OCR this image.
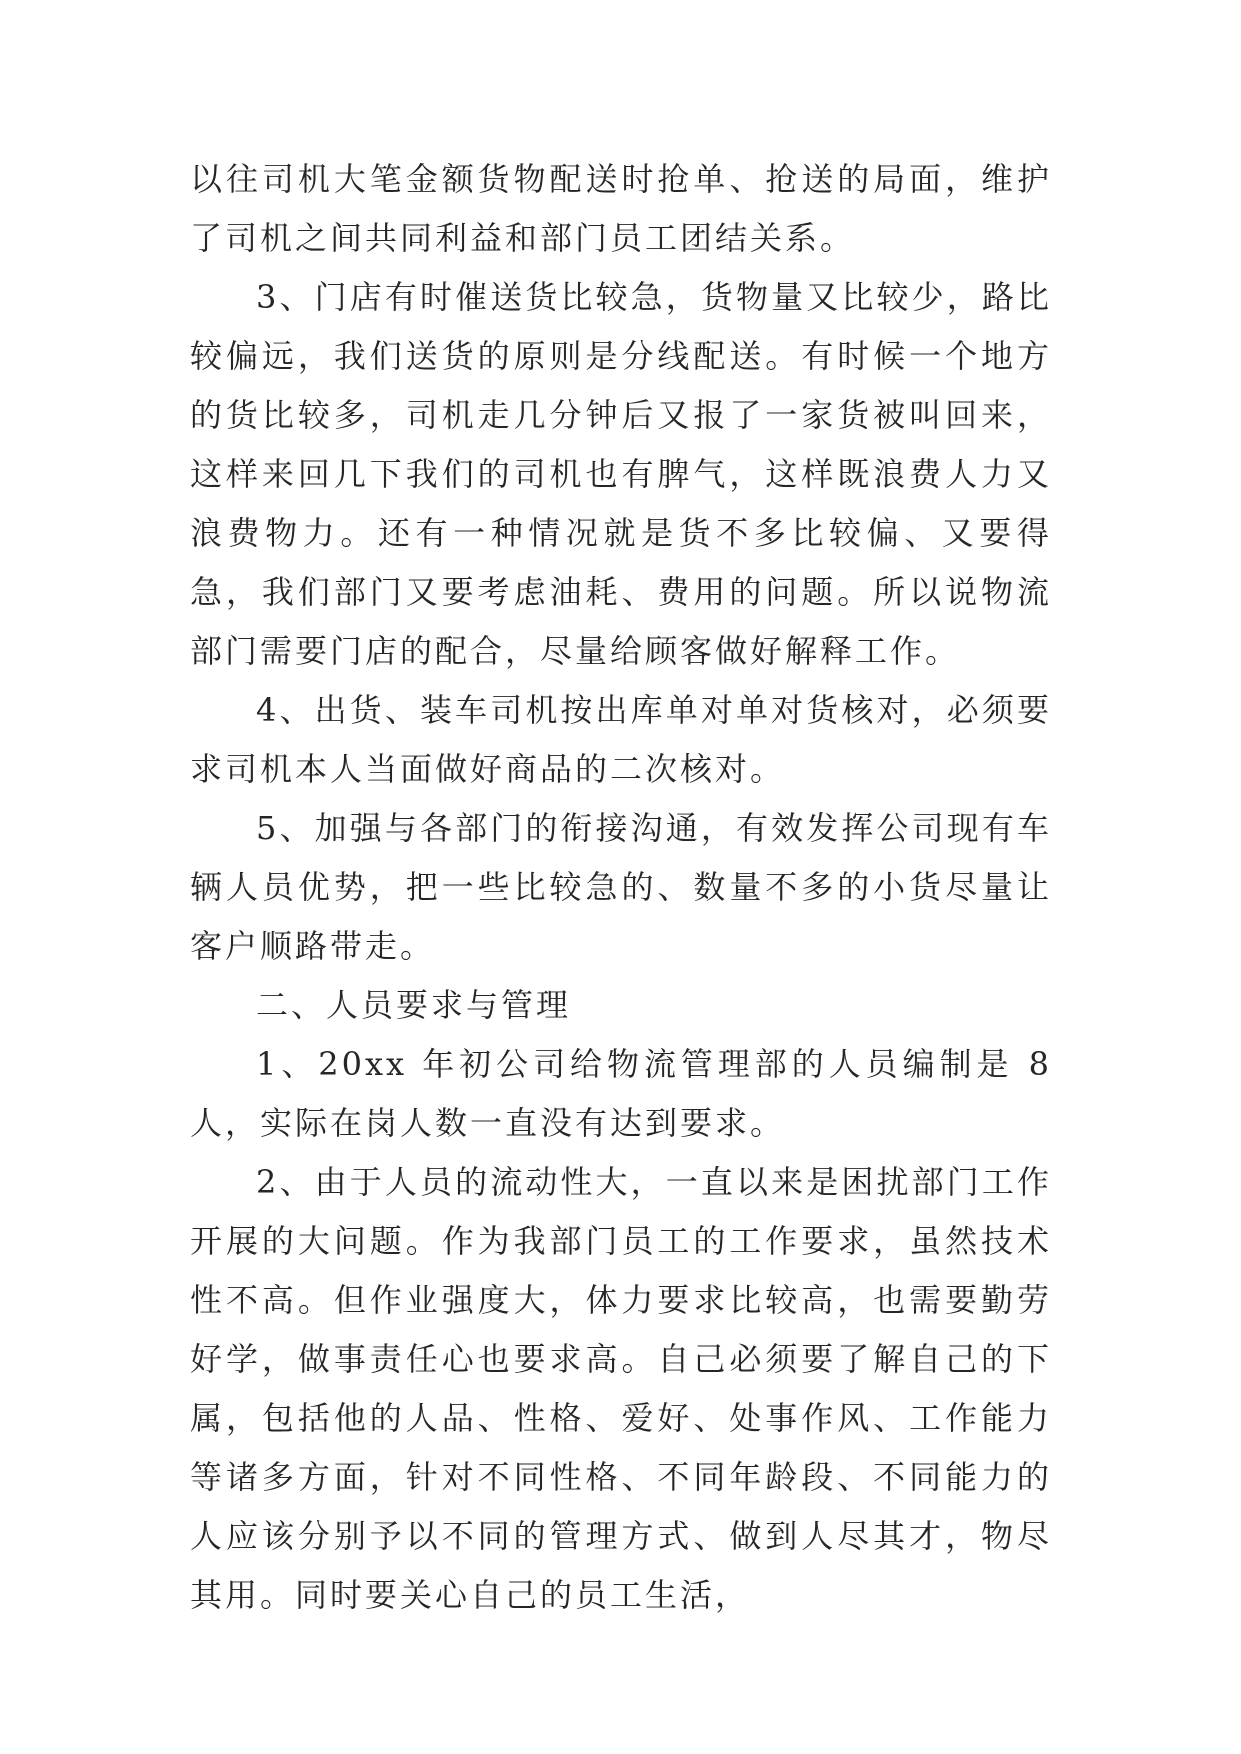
以往司机大笔金额货物配送时抢单、抢送的局面，维护了司机之间共同利益和部门员工团结关系。

3、门店有时催送货比较急，货物量又比较少，路比较偏远，我们送货的原则是分线配送。有时候一个地方的货比较多，司机走几分钟后又报了一家货被叫回来，这样来回几下我们的司机也有脾气，这样既浪费人力又浪费物力。还有一种情况就是货不多比较偏、又要得急，我们部门又要考虑油耗、费用的问题。所以说物流部门需要门店的配合，尽量给顾客做好解释工作。

4、出货、装车司机按出库单对单对货核对，必须要求司机本人当面做好商品的二次核对。

5、加强与各部门的衔接沟通，有效发挥公司现有车辆人员优势，把一些比较急的、数量不多的小货尽量让客户顺路带走。

二、人员要求与管理

1、20xx 年初公司给物流管理部的人员编制是 8 人，实际在岗人数一直没有达到要求。

2、由于人员的流动性大，一直以来是困扰部门工作开展的大问题。作为我部门员工的工作要求，虽然技术性不高。但作业强度大，体力要求比较高，也需要勤劳好学，做事责任心也要求高。自己必须要了解自己的下属，包括他的人品、性格、爱好、处事作风、工作能力等诸多方面，针对不同性格、不同年龄段、不同能力的人应该分别予以不同的管理方式、做到人尽其才，物尽其用。同时要关心自己的员工生活，
